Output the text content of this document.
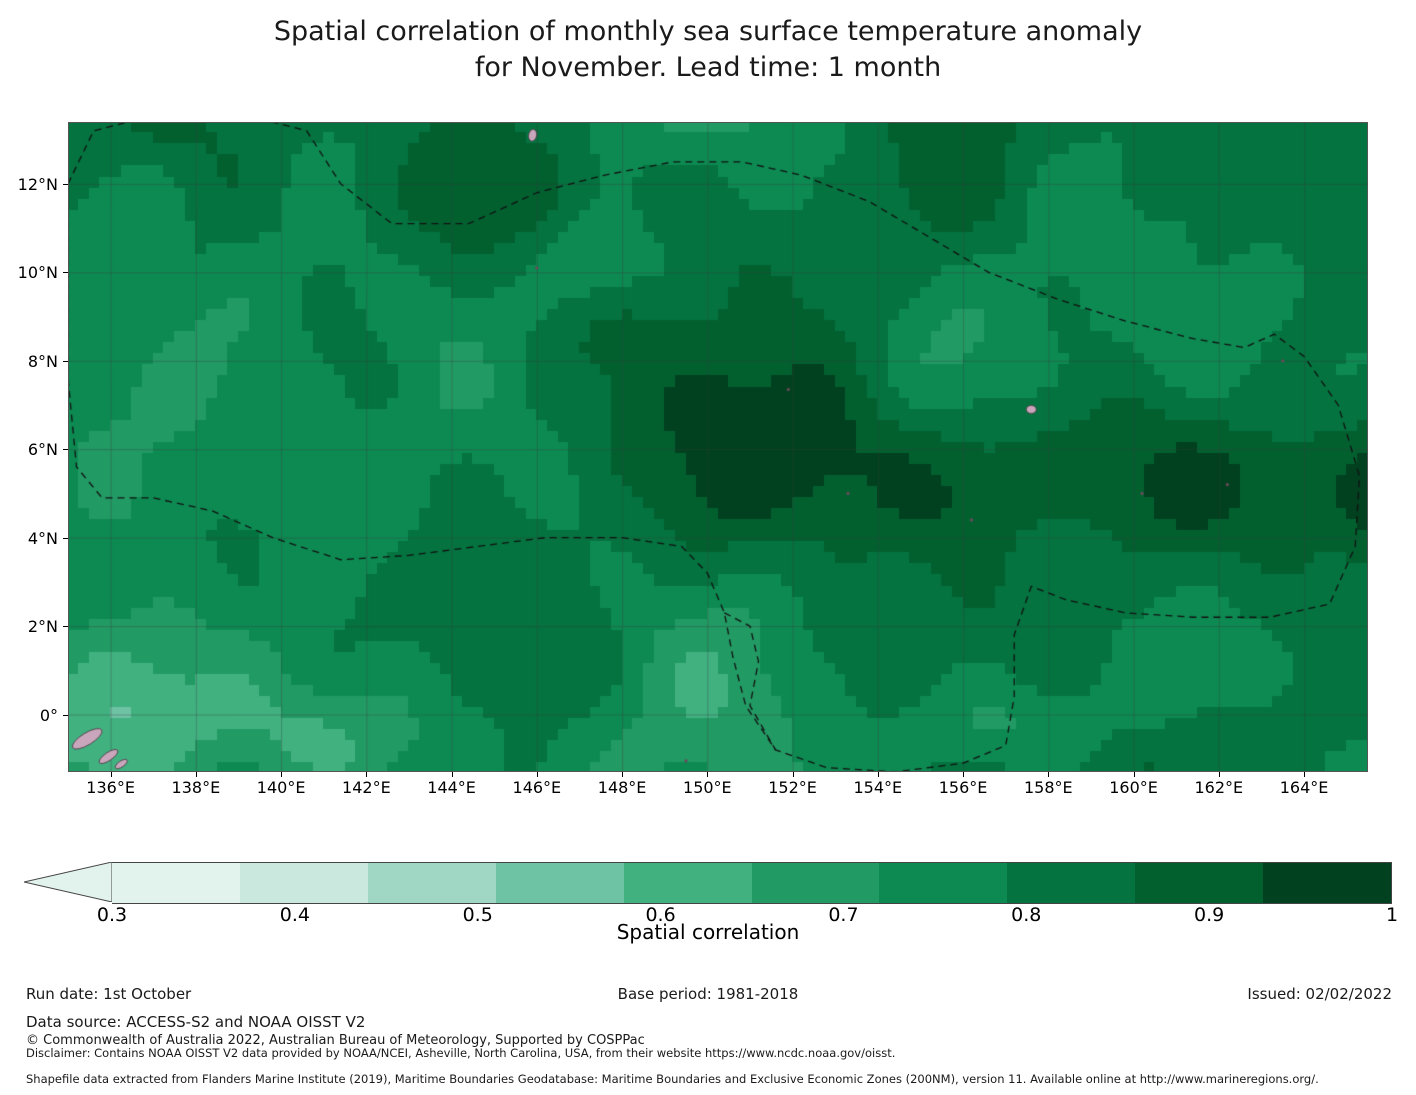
Spatial correlation of monthly sea surface temperature anomaly
for November. Lead time: 1 month
0°
2°N
4°N
6°N
8°N
10°N
12°N
136°E	138°E	140°E	142°E	144°E	146°E	148°E	150°E	152°E	154°E	156°E	158°E	160°E	162°E	164°E
0.3	0.4	0.5	0.6	0.7	0.8	0.9	1
Spatial correlation
Run date: 1st October	Base period: 1981-2018	Issued: 02/02/2022
Data source: ACCESS-S2 and NOAA OISST V2
© Commonwealth of Australia 2022, Australian Bureau of Meteorology, Supported by COSPPac
Disclaimer: Contains NOAA OISST V2 data provided by NOAA/NCEI, Asheville, North Carolina, USA, from their website https://www.ncdc.noaa.gov/oisst.
Shapefile data extracted from Flanders Marine Institute (2019), Maritime Boundaries Geodatabase: Maritime Boundaries and Exclusive Economic Zones (200NM), version 11. Available online at http://www.marineregions.org/.
